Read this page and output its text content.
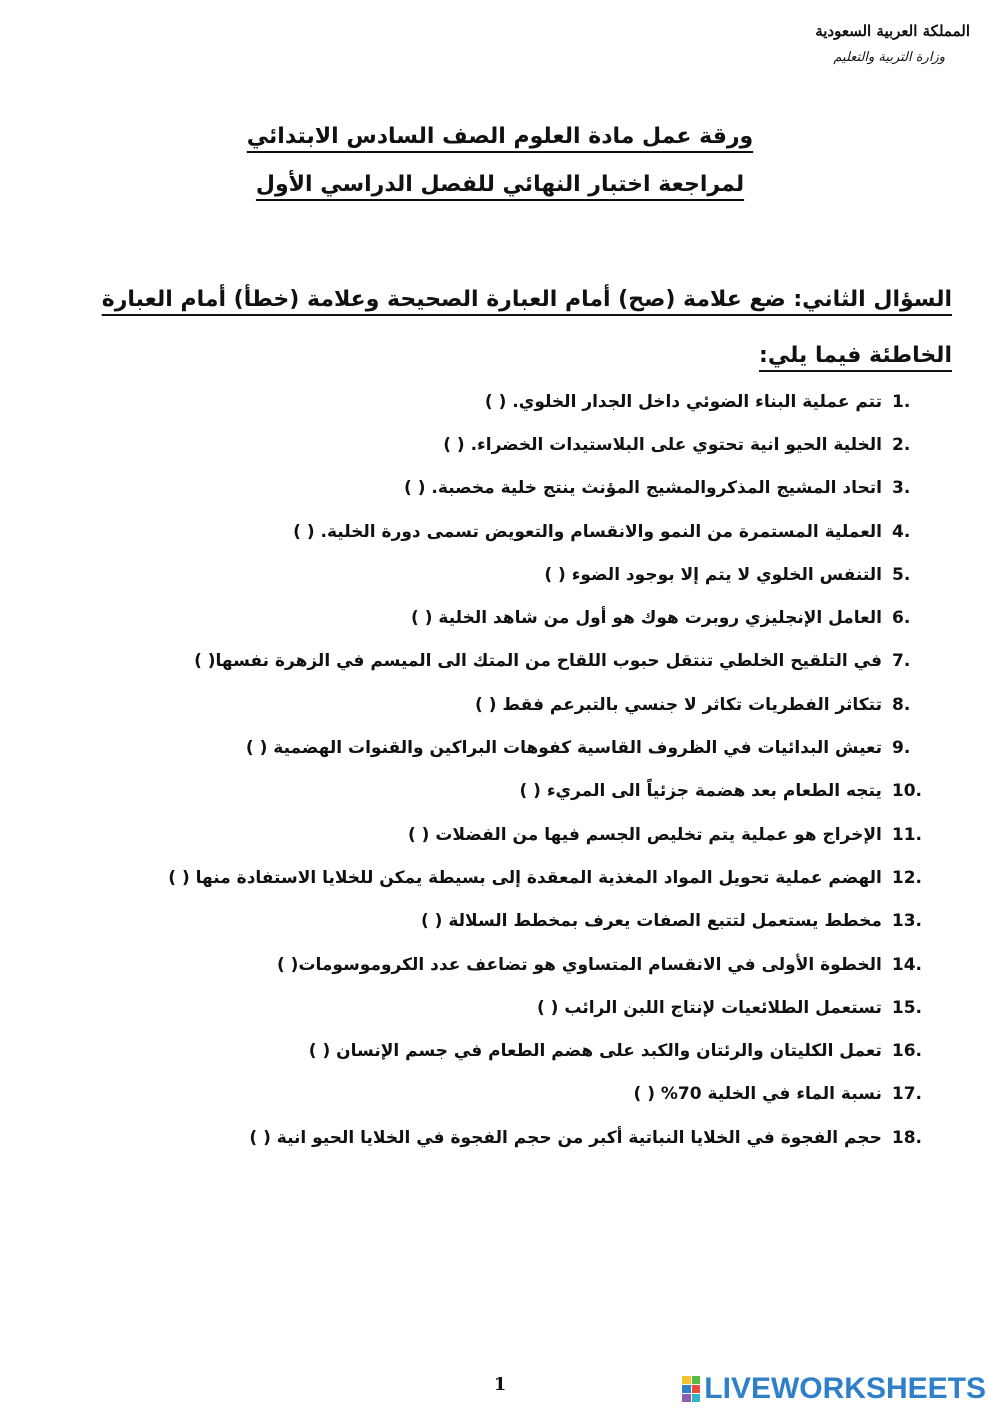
المملكة العربية السعودية
وزارة التربية والتعليم
ورقة عمل مادة العلوم الصف السادس الابتدائي
لمراجعة اختبار النهائي للفصل الدراسي الأول
السؤال الثاني: ضع علامة (صح) أمام العبارة الصحيحة وعلامة (خطأ) أمام العبارة الخاطئة فيما يلي:
1.
تتم عملية البناء الضوئي داخل الجدار الخلوي. ( )
2.
الخلية الحيو انية تحتوي على البلاستيدات الخضراء. ( )
3.
اتحاد المشيج المذكروالمشيج المؤنث ينتج خلية مخصبة. ( )
4.
العملية المستمرة من النمو والانقسام والتعويض تسمى دورة الخلية. ( )
5.
التنفس الخلوي لا يتم إلا بوجود الضوء ( )
6.
العامل الإنجليزي روبرت هوك هو أول من شاهد الخلية ( )
7.
في التلقيح الخلطي تنتقل حبوب اللقاح من المتك الى الميسم في الزهرة نفسها( )
8.
تتكاثر الفطريات تكاثر لا جنسي بالتبرعم فقط ( )
9.
تعيش البدائيات في الظروف القاسية كفوهات البراكين والقنوات الهضمية ( )
10.
يتجه الطعام بعد هضمة جزئياً الى المريء ( )
11.
الإخراج هو عملية يتم تخليص الجسم فيها من الفضلات ( )
12.
الهضم عملية تحويل المواد المغذية المعقدة إلى بسيطة يمكن للخلايا الاستفادة منها ( )
13.
مخطط يستعمل لتتبع الصفات يعرف بمخطط السلالة ( )
14.
الخطوة الأولى في الانقسام المتساوي هو تضاعف عدد الكروموسومات( )
15.
تستعمل الطلائعيات لإنتاج اللبن الرائب ( )
16.
تعمل الكليتان والرئتان والكبد على هضم الطعام في جسم الإنسان ( )
17.
نسبة الماء في الخلية 70% ( )
18.
حجم الفجوة في الخلايا النباتية أكبر من حجم الفجوة في الخلايا الحيو انية ( )
1	LIVEWORKSHEETS
